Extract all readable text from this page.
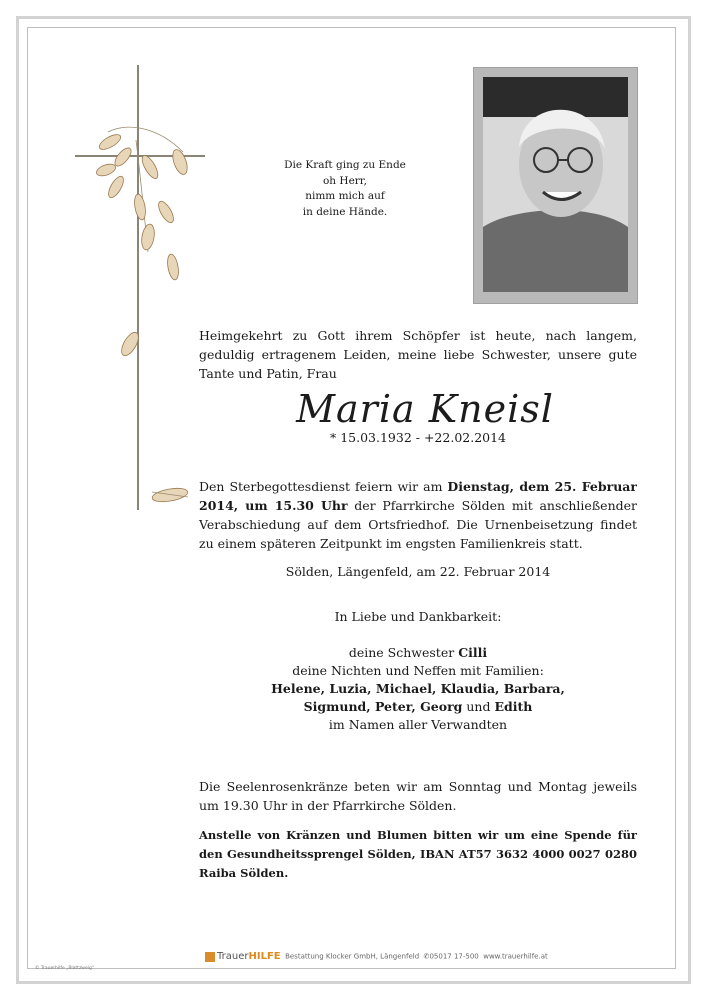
Die Kraft ging zu Ende
oh Herr,
nimm mich auf
in deine Hände.
Heimgekehrt zu Gott ihrem Schöpfer ist heute, nach langem, geduldig ertragenem Leiden, meine liebe Schwester, unsere gute Tante und Patin, Frau
Maria Kneisl
* 15.03.1932 - +22.02.2014
Den Sterbegottesdienst feiern wir am Dienstag, dem 25. Februar 2014, um 15.30 Uhr der Pfarrkirche Sölden mit anschließender Verabschiedung auf dem Ortsfriedhof. Die Urnenbeisetzung findet zu einem späteren Zeitpunkt im engsten Familienkreis statt.
Sölden, Längenfeld, am 22. Februar 2014
In Liebe und Dankbarkeit:
deine Schwester Cilli
deine Nichten und Neffen mit Familien:
Helene, Luzia, Michael, Klaudia, Barbara,
Sigmund, Peter, Georg und Edith
im Namen aller Verwandten
Die Seelenrosenkränze beten wir am Sonntag und Montag jeweils um 19.30 Uhr in der Pfarrkirche Sölden.
Anstelle von Kränzen und Blumen bitten wir um eine Spende für den Gesundheitssprengel Sölden, IBAN AT57 3632 4000 0027 0280 Raiba Sölden.
TrauerHILFE Bestattung Klocker GmbH, Längenfeld ✆05017 17-500 www.trauerhilfe.at
© Trauerhilfe „Blattzweig"
